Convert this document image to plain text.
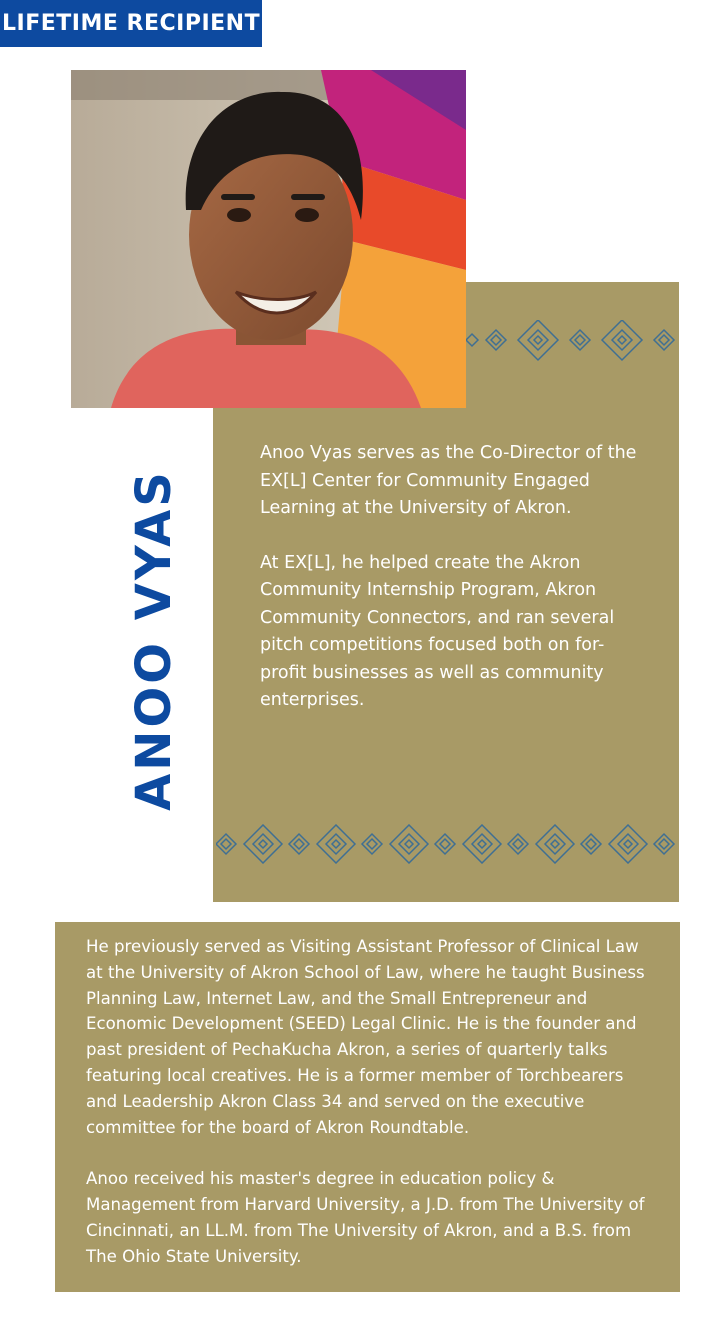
LIFETIME RECIPIENT
ANOO VYAS

Anoo Vyas serves as the Co-Director of the EX[L] Center for Community Engaged Learning at the University of Akron.

At EX[L], he helped create the Akron Community Internship Program, Akron Community Connectors, and ran several pitch competitions focused both on for-profit businesses as well as community enterprises.

He previously served as Visiting Assistant Professor of Clinical Law at the University of Akron School of Law, where he taught Business Planning Law, Internet Law, and the Small Entrepreneur and Economic Development (SEED) Legal Clinic. He is the founder and past president of PechaKucha Akron, a series of quarterly talks featuring local creatives. He is a former member of Torchbearers and Leadership Akron Class 34 and served on the executive committee for the board of Akron Roundtable.

Anoo received his master's degree in education policy & Management from Harvard University, a J.D. from The University of Cincinnati, an LL.M. from The University of Akron, and a B.S. from The Ohio State University.
